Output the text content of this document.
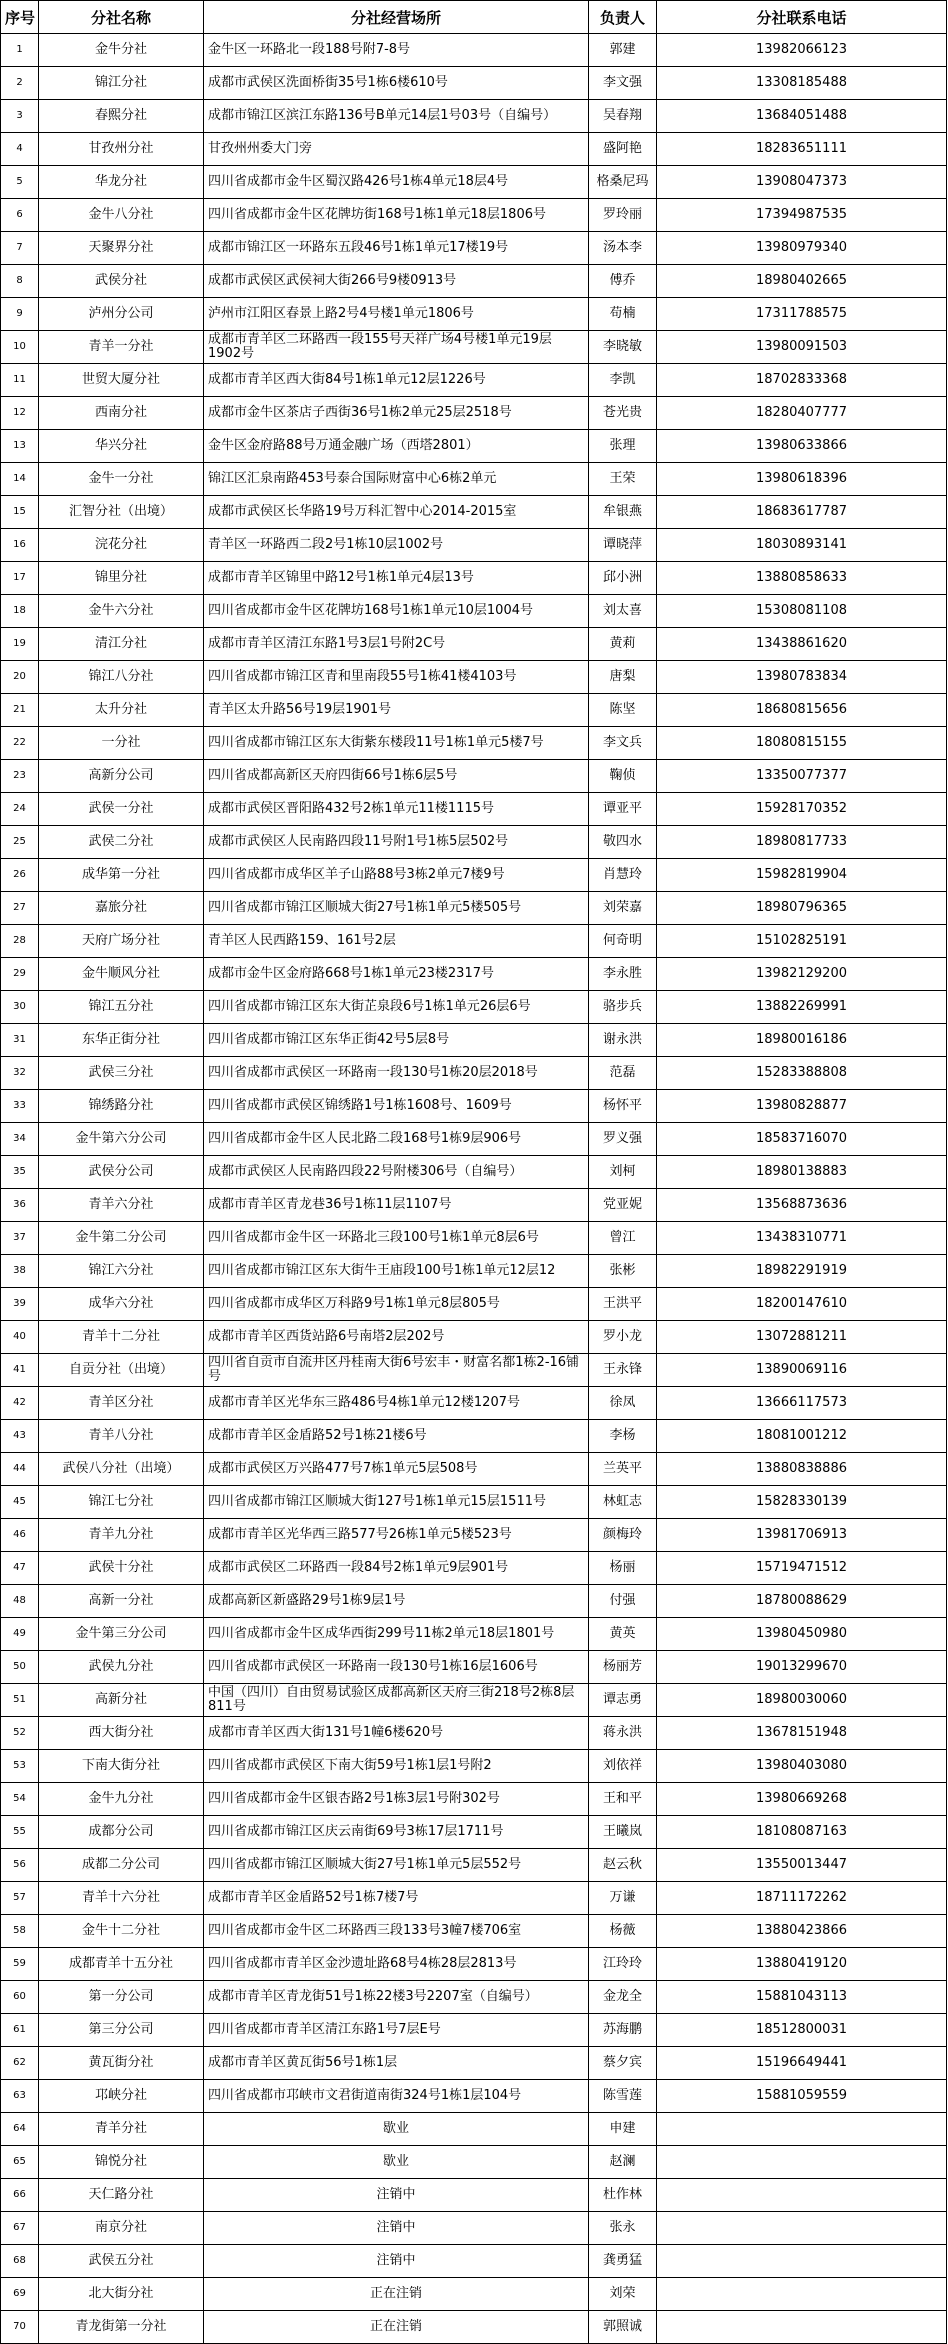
序号	分社名称	分社经营场所	负责人	分社联系电话
1	金牛分社	金牛区一环路北一段188号附7-8号	郭建	13982066123
2	锦江分社	成都市武侯区洗面桥街35号1栋6楼610号	李文强	13308185488
3	春熙分社	成都市锦江区滨江东路136号B单元14层1号03号（自编号）	吴春翔	13684051488
4	甘孜州分社	甘孜州州委大门旁	盛阿艳	18283651111
5	华龙分社	四川省成都市金牛区蜀汉路426号1栋4单元18层4号	格桑尼玛	13908047373
6	金牛八分社	四川省成都市金牛区花牌坊街168号1栋1单元18层1806号	罗玲丽	17394987535
7	天聚界分社	成都市锦江区一环路东五段46号1栋1单元17楼19号	汤本李	13980979340
8	武侯分社	成都市武侯区武侯祠大街266号9楼0913号	傅乔	18980402665
9	泸州分公司	泸州市江阳区春景上路2号4号楼1单元1806号	苟楠	17311788575
10	青羊一分社	成都市青羊区二环路西一段155号天祥广场4号楼1单元19层1902号	李晓敏	13980091503
11	世贸大厦分社	成都市青羊区西大街84号1栋1单元12层1226号	李凯	18702833368
12	西南分社	成都市金牛区茶店子西街36号1栋2单元25层2518号	苍光贵	18280407777
13	华兴分社	金牛区金府路88号万通金融广场（西塔2801）	张理	13980633866
14	金牛一分社	锦江区汇泉南路453号泰合国际财富中心6栋2单元	王荣	13980618396
15	汇智分社（出境）	成都市武侯区长华路19号万科汇智中心2014-2015室	牟银燕	18683617787
16	浣花分社	青羊区一环路西二段2号1栋10层1002号	谭晓萍	18030893141
17	锦里分社	成都市青羊区锦里中路12号1栋1单元4层13号	邱小洲	13880858633
18	金牛六分社	四川省成都市金牛区花牌坊168号1栋1单元10层1004号	刘太喜	15308081108
19	清江分社	成都市青羊区清江东路1号3层1号附2C号	黄莉	13438861620
20	锦江八分社	四川省成都市锦江区青和里南段55号1栋41楼4103号	唐梨	13980783834
21	太升分社	青羊区太升路56号19层1901号	陈坚	18680815656
22	一分社	四川省成都市锦江区东大街紫东楼段11号1栋1单元5楼7号	李文兵	18080815155
23	高新分公司	四川省成都高新区天府四街66号1栋6层5号	鞠侦	13350077377
24	武侯一分社	成都市武侯区晋阳路432号2栋1单元11楼1115号	谭亚平	15928170352
25	武侯二分社	成都市武侯区人民南路四段11号附1号1栋5层502号	敬四水	18980817733
26	成华第一分社	四川省成都市成华区羊子山路88号3栋2单元7楼9号	肖慧玲	15982819904
27	嘉旅分社	四川省成都市锦江区顺城大街27号1栋1单元5楼505号	刘荣嘉	18980796365
28	天府广场分社	青羊区人民西路159、161号2层	何奇明	15102825191
29	金牛顺风分社	成都市金牛区金府路668号1栋1单元23楼2317号	李永胜	13982129200
30	锦江五分社	四川省成都市锦江区东大街芷泉段6号1栋1单元26层6号	骆步兵	13882269991
31	东华正街分社	四川省成都市锦江区东华正街42号5层8号	谢永洪	18980016186
32	武侯三分社	四川省成都市武侯区一环路南一段130号1栋20层2018号	范磊	15283388808
33	锦绣路分社	四川省成都市武侯区锦绣路1号1栋1608号、1609号	杨怀平	13980828877
34	金牛第六分公司	四川省成都市金牛区人民北路二段168号1栋9层906号	罗义强	18583716070
35	武侯分公司	成都市武侯区人民南路四段22号附楼306号（自编号）	刘柯	18980138883
36	青羊六分社	成都市青羊区青龙巷36号1栋11层1107号	党亚妮	13568873636
37	金牛第二分公司	四川省成都市金牛区一环路北三段100号1栋1单元8层6号	曾江	13438310771
38	锦江六分社	四川省成都市锦江区东大街牛王庙段100号1栋1单元12层12	张彬	18982291919
39	成华六分社	四川省成都市成华区万科路9号1栋1单元8层805号	王洪平	18200147610
40	青羊十二分社	成都市青羊区西货站路6号南塔2层202号	罗小龙	13072881211
41	自贡分社（出境）	四川省自贡市自流井区丹桂南大街6号宏丰・财富名都1栋2-16铺号	王永锋	13890069116
42	青羊区分社	成都市青羊区光华东三路486号4栋1单元12楼1207号	徐凤	13666117573
43	青羊八分社	成都市青羊区金盾路52号1栋21楼6号	李杨	18081001212
44	武侯八分社（出境）	成都市武侯区万兴路477号7栋1单元5层508号	兰英平	13880838886
45	锦江七分社	四川省成都市锦江区顺城大街127号1栋1单元15层1511号	林虹志	15828330139
46	青羊九分社	成都市青羊区光华西三路577号26栋1单元5楼523号	颜梅玲	13981706913
47	武侯十分社	成都市武侯区二环路西一段84号2栋1单元9层901号	杨丽	15719471512
48	高新一分社	成都高新区新盛路29号1栋9层1号	付强	18780088629
49	金牛第三分公司	四川省成都市金牛区成华西街299号11栋2单元18层1801号	黄英	13980450980
50	武侯九分社	四川省成都市武侯区一环路南一段130号1栋16层1606号	杨丽芳	19013299670
51	高新分社	中国（四川）自由贸易试验区成都高新区天府三街218号2栋8层811号	谭志勇	18980030060
52	西大街分社	成都市青羊区西大街131号1幢6楼620号	蒋永洪	13678151948
53	下南大街分社	四川省成都市武侯区下南大街59号1栋1层1号附2	刘依祥	13980403080
54	金牛九分社	四川省成都市金牛区银杏路2号1栋3层1号附302号	王和平	13980669268
55	成都分公司	四川省成都市锦江区庆云南街69号3栋17层1711号	王曦岚	18108087163
56	成都二分公司	四川省成都市锦江区顺城大街27号1栋1单元5层552号	赵云秋	13550013447
57	青羊十六分社	成都市青羊区金盾路52号1栋7楼7号	万谦	18711172262
58	金牛十二分社	四川省成都市金牛区二环路西三段133号3幢7楼706室	杨薇	13880423866
59	成都青羊十五分社	四川省成都市青羊区金沙遗址路68号4栋28层2813号	江玲玲	13880419120
60	第一分公司	成都市青羊区青龙街51号1栋22楼3号2207室（自编号）	金龙全	15881043113
61	第三分公司	四川省成都市青羊区清江东路1号7层E号	苏海鹏	18512800031
62	黄瓦街分社	成都市青羊区黄瓦街56号1栋1层	蔡夕宾	15196649441
63	邛峡分社	四川省成都市邛峡市文君街道南街324号1栋1层104号	陈雪莲	15881059559
64	青羊分社	歇业	申建	
65	锦悦分社	歇业	赵澜	
66	天仁路分社	注销中	杜作林	
67	南京分社	注销中	张永	
68	武侯五分社	注销中	龚勇猛	
69	北大街分社	正在注销	刘荣	
70	青龙街第一分社	正在注销	郭照诚	
